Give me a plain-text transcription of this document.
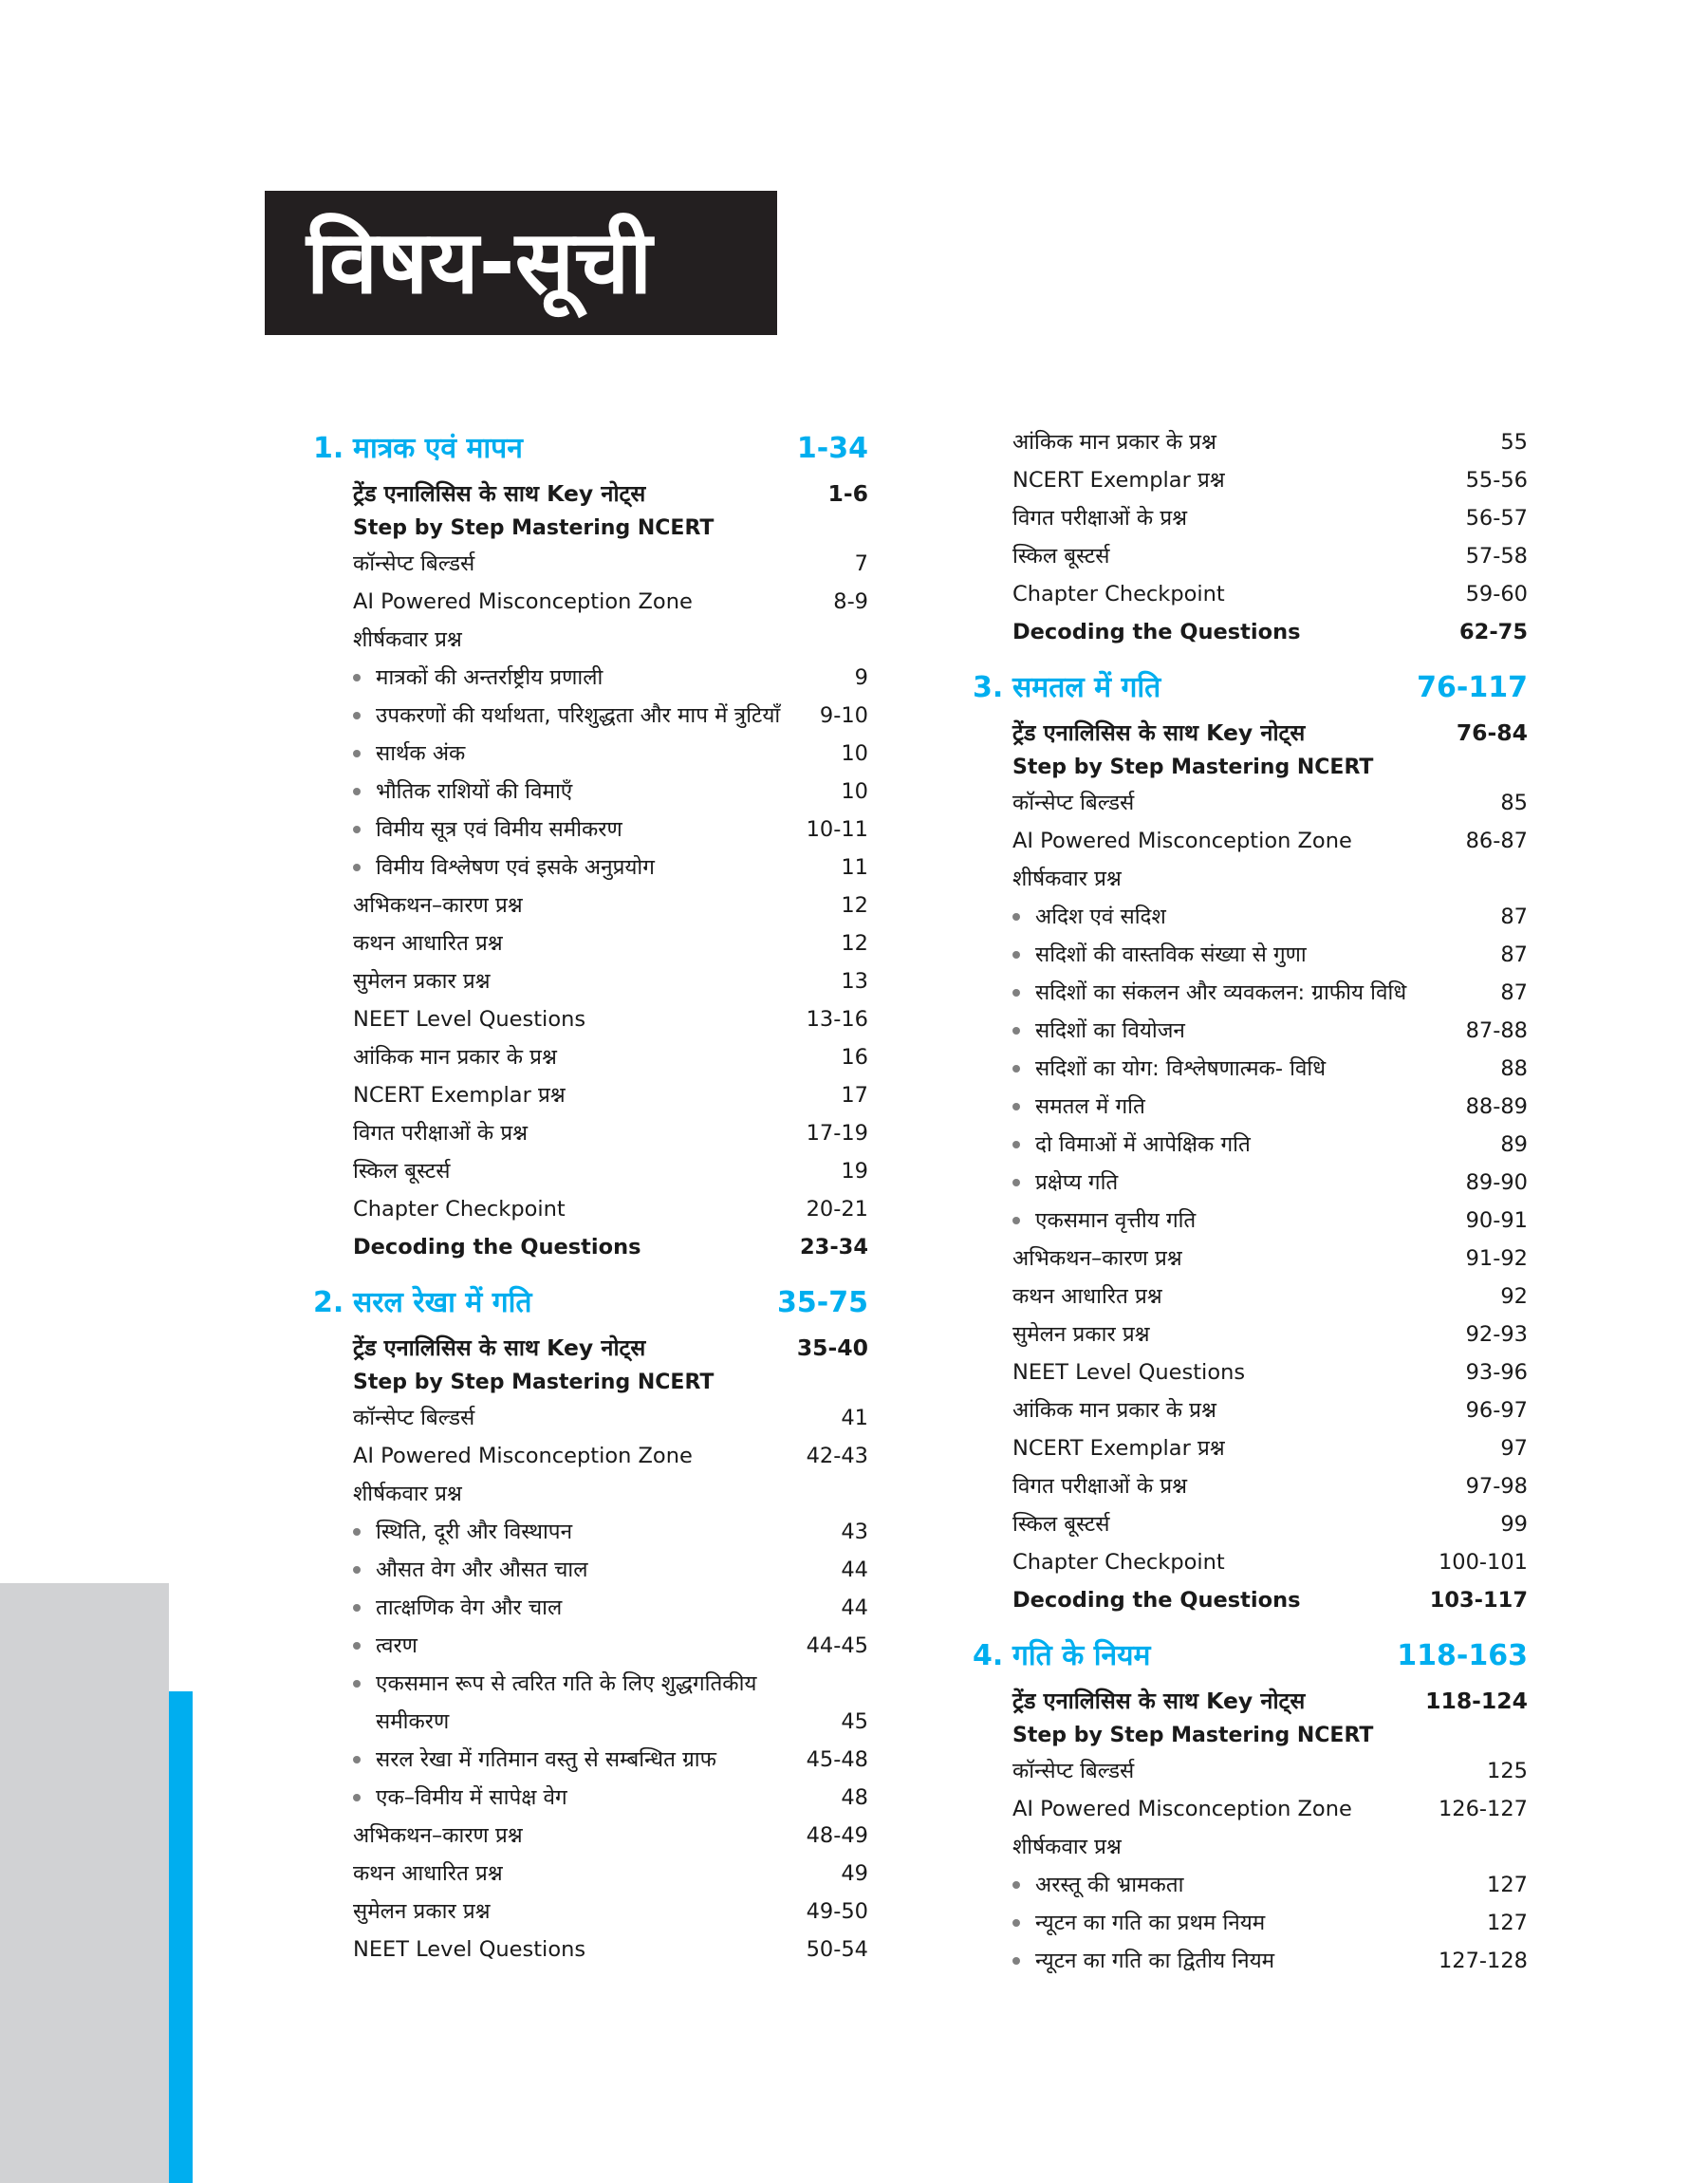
विषय-सूची
1. मात्रक एवं मापन	1-34
ट्रेंड एनालिसिस के साथ Key नोट्स	1-6
Step by Step Mastering NCERT
कॉन्सेप्ट बिल्डर्स	7
AI Powered Misconception Zone	8-9
शीर्षकवार प्रश्न
मात्रकों की अन्तर्राष्ट्रीय प्रणाली	9
उपकरणों की यर्थाथता, परिशुद्धता और माप में त्रुटियाँ	9-10
सार्थक अंक	10
भौतिक राशियों की विमाएँ	10
विमीय सूत्र एवं विमीय समीकरण	10-11
विमीय विश्लेषण एवं इसके अनुप्रयोग	11
अभिकथन–कारण प्रश्न	12
कथन आधारित प्रश्न	12
सुमेलन प्रकार प्रश्न	13
NEET Level Questions	13-16
आंकिक मान प्रकार के प्रश्न	16
NCERT Exemplar प्रश्न	17
विगत परीक्षाओं के प्रश्न	17-19
स्किल बूस्टर्स	19
Chapter Checkpoint	20-21
Decoding the Questions	23-34
2. सरल रेखा में गति	35-75
ट्रेंड एनालिसिस के साथ Key नोट्स	35-40
Step by Step Mastering NCERT
कॉन्सेप्ट बिल्डर्स	41
AI Powered Misconception Zone	42-43
शीर्षकवार प्रश्न
स्थिति, दूरी और विस्थापन	43
औसत वेग और औसत चाल	44
तात्क्षणिक वेग और चाल	44
त्वरण	44-45
एकसमान रूप से त्वरित गति के लिए शुद्धगतिकीय समीकरण	45
सरल रेखा में गतिमान वस्तु से सम्बन्धित ग्राफ	45-48
एक–विमीय में सापेक्ष वेग	48
अभिकथन–कारण प्रश्न	48-49
कथन आधारित प्रश्न	49
सुमेलन प्रकार प्रश्न	49-50
NEET Level Questions	50-54
आंकिक मान प्रकार के प्रश्न	55
NCERT Exemplar प्रश्न	55-56
विगत परीक्षाओं के प्रश्न	56-57
स्किल बूस्टर्स	57-58
Chapter Checkpoint	59-60
Decoding the Questions	62-75
3. समतल में गति	76-117
ट्रेंड एनालिसिस के साथ Key नोट्स	76-84
Step by Step Mastering NCERT
कॉन्सेप्ट बिल्डर्स	85
AI Powered Misconception Zone	86-87
शीर्षकवार प्रश्न
अदिश एवं सदिश	87
सदिशों की वास्तविक संख्या से गुणा	87
सदिशों का संकलन और व्यवकलन: ग्राफीय विधि	87
सदिशों का वियोजन	87-88
सदिशों का योग: विश्लेषणात्मक- विधि	88
समतल में गति	88-89
दो विमाओं में आपेक्षिक गति	89
प्रक्षेप्य गति	89-90
एकसमान वृत्तीय गति	90-91
अभिकथन–कारण प्रश्न	91-92
कथन आधारित प्रश्न	92
सुमेलन प्रकार प्रश्न	92-93
NEET Level Questions	93-96
आंकिक मान प्रकार के प्रश्न	96-97
NCERT Exemplar प्रश्न	97
विगत परीक्षाओं के प्रश्न	97-98
स्किल बूस्टर्स	99
Chapter Checkpoint	100-101
Decoding the Questions	103-117
4. गति के नियम	118-163
ट्रेंड एनालिसिस के साथ Key नोट्स	118-124
Step by Step Mastering NCERT
कॉन्सेप्ट बिल्डर्स	125
AI Powered Misconception Zone	126-127
शीर्षकवार प्रश्न
अरस्तू की भ्रामकता	127
न्यूटन का गति का प्रथम नियम	127
न्यूटन का गति का द्वितीय नियम	127-128
